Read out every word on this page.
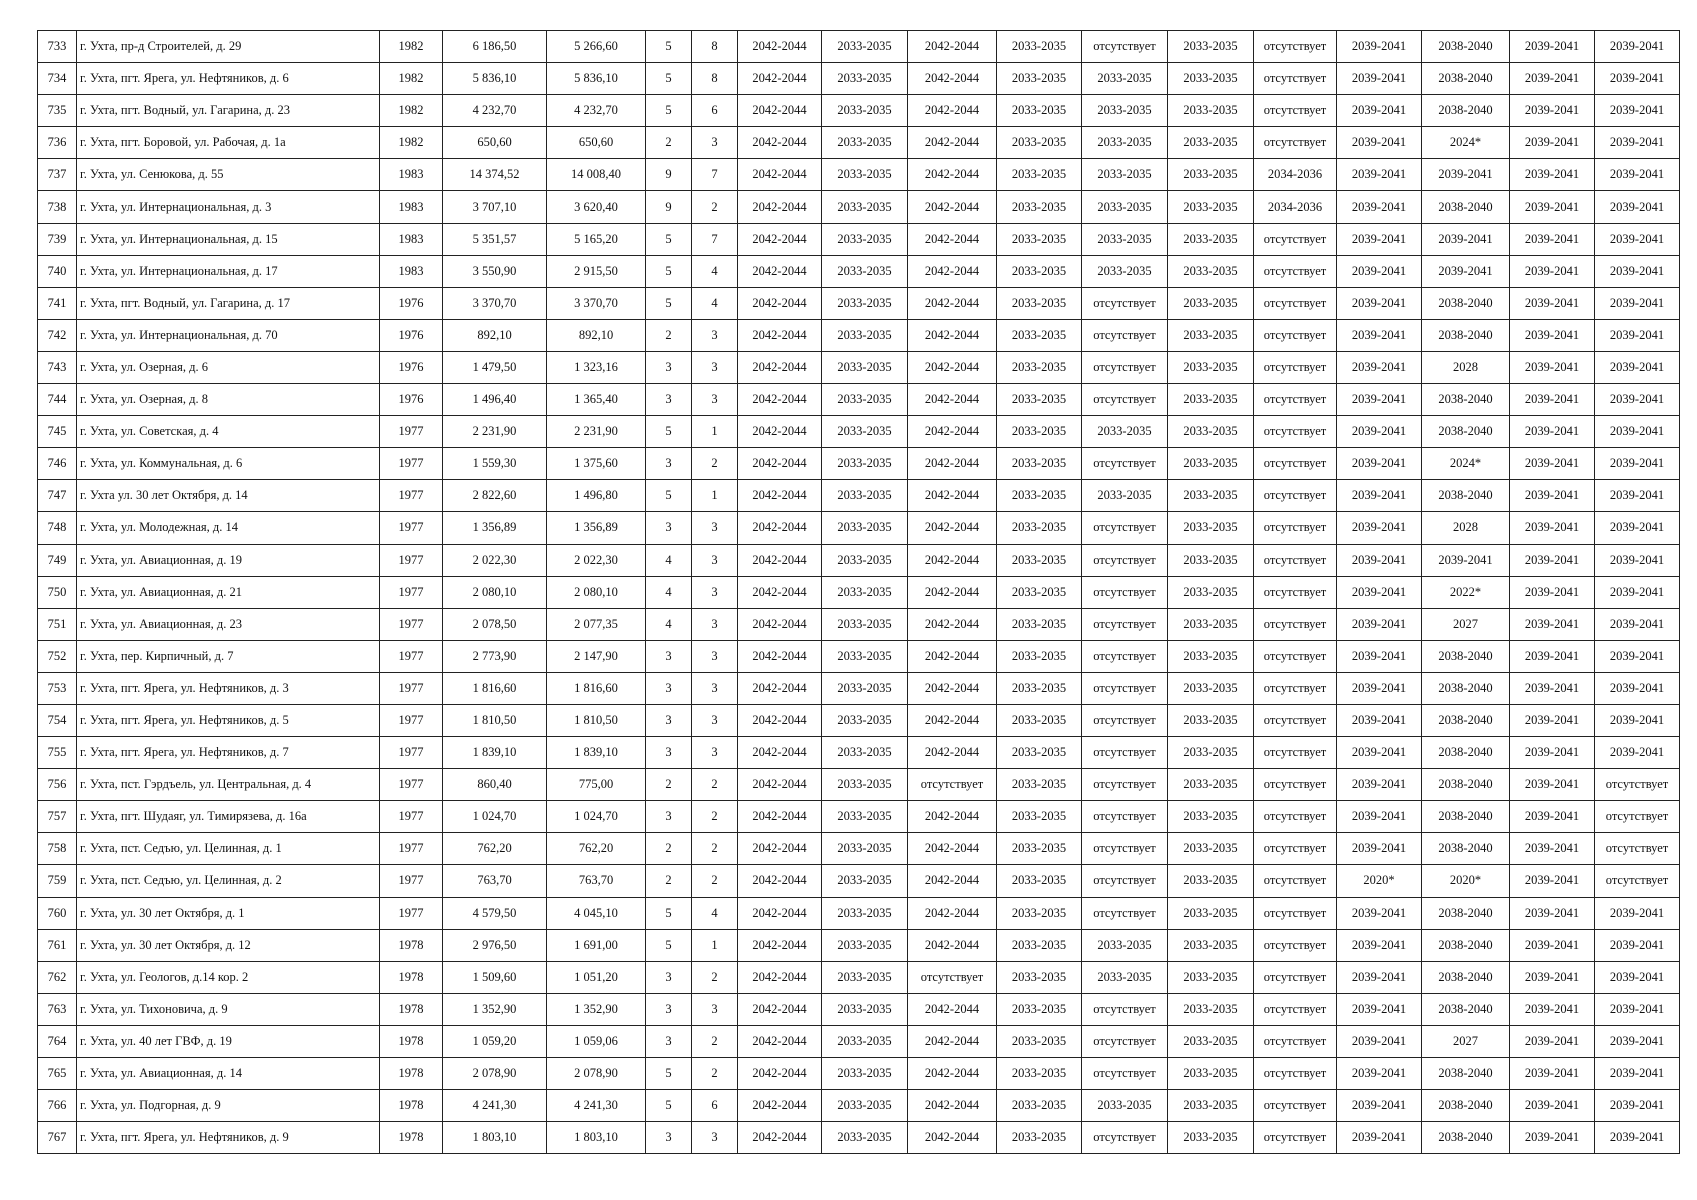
733	г. Ухта, пр-д Строителей, д. 29	1982	6 186,50	5 266,60	5	8	2042-2044	2033-2035	2042-2044	2033-2035	отсутствует	2033-2035	отсутствует	2039-2041	2038-2040	2039-2041	2039-2041
734	г. Ухта, пгт. Ярега, ул. Нефтяников, д. 6	1982	5 836,10	5 836,10	5	8	2042-2044	2033-2035	2042-2044	2033-2035	2033-2035	2033-2035	отсутствует	2039-2041	2038-2040	2039-2041	2039-2041
735	г. Ухта, пгт. Водный, ул. Гагарина, д. 23	1982	4 232,70	4 232,70	5	6	2042-2044	2033-2035	2042-2044	2033-2035	2033-2035	2033-2035	отсутствует	2039-2041	2038-2040	2039-2041	2039-2041
736	г. Ухта, пгт. Боровой, ул. Рабочая, д. 1а	1982	650,60	650,60	2	3	2042-2044	2033-2035	2042-2044	2033-2035	2033-2035	2033-2035	отсутствует	2039-2041	2024*	2039-2041	2039-2041
737	г. Ухта, ул. Сенюкова, д. 55	1983	14 374,52	14 008,40	9	7	2042-2044	2033-2035	2042-2044	2033-2035	2033-2035	2033-2035	2034-2036	2039-2041	2039-2041	2039-2041	2039-2041
738	г. Ухта, ул. Интернациональная, д. 3	1983	3 707,10	3 620,40	9	2	2042-2044	2033-2035	2042-2044	2033-2035	2033-2035	2033-2035	2034-2036	2039-2041	2038-2040	2039-2041	2039-2041
739	г. Ухта, ул. Интернациональная, д. 15	1983	5 351,57	5 165,20	5	7	2042-2044	2033-2035	2042-2044	2033-2035	2033-2035	2033-2035	отсутствует	2039-2041	2039-2041	2039-2041	2039-2041
740	г. Ухта, ул. Интернациональная, д. 17	1983	3 550,90	2 915,50	5	4	2042-2044	2033-2035	2042-2044	2033-2035	2033-2035	2033-2035	отсутствует	2039-2041	2039-2041	2039-2041	2039-2041
741	г. Ухта, пгт. Водный, ул. Гагарина, д. 17	1976	3 370,70	3 370,70	5	4	2042-2044	2033-2035	2042-2044	2033-2035	отсутствует	2033-2035	отсутствует	2039-2041	2038-2040	2039-2041	2039-2041
742	г. Ухта, ул. Интернациональная, д. 70	1976	892,10	892,10	2	3	2042-2044	2033-2035	2042-2044	2033-2035	отсутствует	2033-2035	отсутствует	2039-2041	2038-2040	2039-2041	2039-2041
743	г. Ухта, ул. Озерная, д. 6	1976	1 479,50	1 323,16	3	3	2042-2044	2033-2035	2042-2044	2033-2035	отсутствует	2033-2035	отсутствует	2039-2041	2028	2039-2041	2039-2041
744	г. Ухта, ул. Озерная, д. 8	1976	1 496,40	1 365,40	3	3	2042-2044	2033-2035	2042-2044	2033-2035	отсутствует	2033-2035	отсутствует	2039-2041	2038-2040	2039-2041	2039-2041
745	г. Ухта, ул. Советская, д. 4	1977	2 231,90	2 231,90	5	1	2042-2044	2033-2035	2042-2044	2033-2035	2033-2035	2033-2035	отсутствует	2039-2041	2038-2040	2039-2041	2039-2041
746	г. Ухта, ул. Коммунальная, д. 6	1977	1 559,30	1 375,60	3	2	2042-2044	2033-2035	2042-2044	2033-2035	отсутствует	2033-2035	отсутствует	2039-2041	2024*	2039-2041	2039-2041
747	г. Ухта ул. 30 лет Октября, д. 14	1977	2 822,60	1 496,80	5	1	2042-2044	2033-2035	2042-2044	2033-2035	2033-2035	2033-2035	отсутствует	2039-2041	2038-2040	2039-2041	2039-2041
748	г. Ухта, ул. Молодежная, д. 14	1977	1 356,89	1 356,89	3	3	2042-2044	2033-2035	2042-2044	2033-2035	отсутствует	2033-2035	отсутствует	2039-2041	2028	2039-2041	2039-2041
749	г. Ухта, ул. Авиационная, д. 19	1977	2 022,30	2 022,30	4	3	2042-2044	2033-2035	2042-2044	2033-2035	отсутствует	2033-2035	отсутствует	2039-2041	2039-2041	2039-2041	2039-2041
750	г. Ухта, ул. Авиационная, д. 21	1977	2 080,10	2 080,10	4	3	2042-2044	2033-2035	2042-2044	2033-2035	отсутствует	2033-2035	отсутствует	2039-2041	2022*	2039-2041	2039-2041
751	г. Ухта, ул. Авиационная, д. 23	1977	2 078,50	2 077,35	4	3	2042-2044	2033-2035	2042-2044	2033-2035	отсутствует	2033-2035	отсутствует	2039-2041	2027	2039-2041	2039-2041
752	г. Ухта, пер. Кирпичный, д. 7	1977	2 773,90	2 147,90	3	3	2042-2044	2033-2035	2042-2044	2033-2035	отсутствует	2033-2035	отсутствует	2039-2041	2038-2040	2039-2041	2039-2041
753	г. Ухта, пгт. Ярега, ул. Нефтяников, д. 3	1977	1 816,60	1 816,60	3	3	2042-2044	2033-2035	2042-2044	2033-2035	отсутствует	2033-2035	отсутствует	2039-2041	2038-2040	2039-2041	2039-2041
754	г. Ухта, пгт. Ярега, ул. Нефтяников, д. 5	1977	1 810,50	1 810,50	3	3	2042-2044	2033-2035	2042-2044	2033-2035	отсутствует	2033-2035	отсутствует	2039-2041	2038-2040	2039-2041	2039-2041
755	г. Ухта, пгт. Ярега, ул. Нефтяников, д. 7	1977	1 839,10	1 839,10	3	3	2042-2044	2033-2035	2042-2044	2033-2035	отсутствует	2033-2035	отсутствует	2039-2041	2038-2040	2039-2041	2039-2041
756	г. Ухта, пст. Гэрдъель, ул. Центральная, д. 4	1977	860,40	775,00	2	2	2042-2044	2033-2035	отсутствует	2033-2035	отсутствует	2033-2035	отсутствует	2039-2041	2038-2040	2039-2041	отсутствует
757	г. Ухта, пгт. Шудаяг, ул. Тимирязева, д. 16а	1977	1 024,70	1 024,70	3	2	2042-2044	2033-2035	2042-2044	2033-2035	отсутствует	2033-2035	отсутствует	2039-2041	2038-2040	2039-2041	отсутствует
758	г. Ухта, пст. Седъю, ул. Целинная, д. 1	1977	762,20	762,20	2	2	2042-2044	2033-2035	2042-2044	2033-2035	отсутствует	2033-2035	отсутствует	2039-2041	2038-2040	2039-2041	отсутствует
759	г. Ухта, пст. Седъю, ул. Целинная, д. 2	1977	763,70	763,70	2	2	2042-2044	2033-2035	2042-2044	2033-2035	отсутствует	2033-2035	отсутствует	2020*	2020*	2039-2041	отсутствует
760	г. Ухта, ул. 30 лет Октября, д. 1	1977	4 579,50	4 045,10	5	4	2042-2044	2033-2035	2042-2044	2033-2035	отсутствует	2033-2035	отсутствует	2039-2041	2038-2040	2039-2041	2039-2041
761	г. Ухта, ул. 30 лет Октября, д. 12	1978	2 976,50	1 691,00	5	1	2042-2044	2033-2035	2042-2044	2033-2035	2033-2035	2033-2035	отсутствует	2039-2041	2038-2040	2039-2041	2039-2041
762	г. Ухта, ул. Геологов, д.14 кор. 2	1978	1 509,60	1 051,20	3	2	2042-2044	2033-2035	отсутствует	2033-2035	2033-2035	2033-2035	отсутствует	2039-2041	2038-2040	2039-2041	2039-2041
763	г. Ухта, ул. Тихоновича, д. 9	1978	1 352,90	1 352,90	3	3	2042-2044	2033-2035	2042-2044	2033-2035	отсутствует	2033-2035	отсутствует	2039-2041	2038-2040	2039-2041	2039-2041
764	г. Ухта, ул. 40 лет ГВФ, д. 19	1978	1 059,20	1 059,06	3	2	2042-2044	2033-2035	2042-2044	2033-2035	отсутствует	2033-2035	отсутствует	2039-2041	2027	2039-2041	2039-2041
765	г. Ухта, ул. Авиационная, д. 14	1978	2 078,90	2 078,90	5	2	2042-2044	2033-2035	2042-2044	2033-2035	отсутствует	2033-2035	отсутствует	2039-2041	2038-2040	2039-2041	2039-2041
766	г. Ухта, ул. Подгорная, д. 9	1978	4 241,30	4 241,30	5	6	2042-2044	2033-2035	2042-2044	2033-2035	2033-2035	2033-2035	отсутствует	2039-2041	2038-2040	2039-2041	2039-2041
767	г. Ухта, пгт. Ярега, ул. Нефтяников, д. 9	1978	1 803,10	1 803,10	3	3	2042-2044	2033-2035	2042-2044	2033-2035	отсутствует	2033-2035	отсутствует	2039-2041	2038-2040	2039-2041	2039-2041
